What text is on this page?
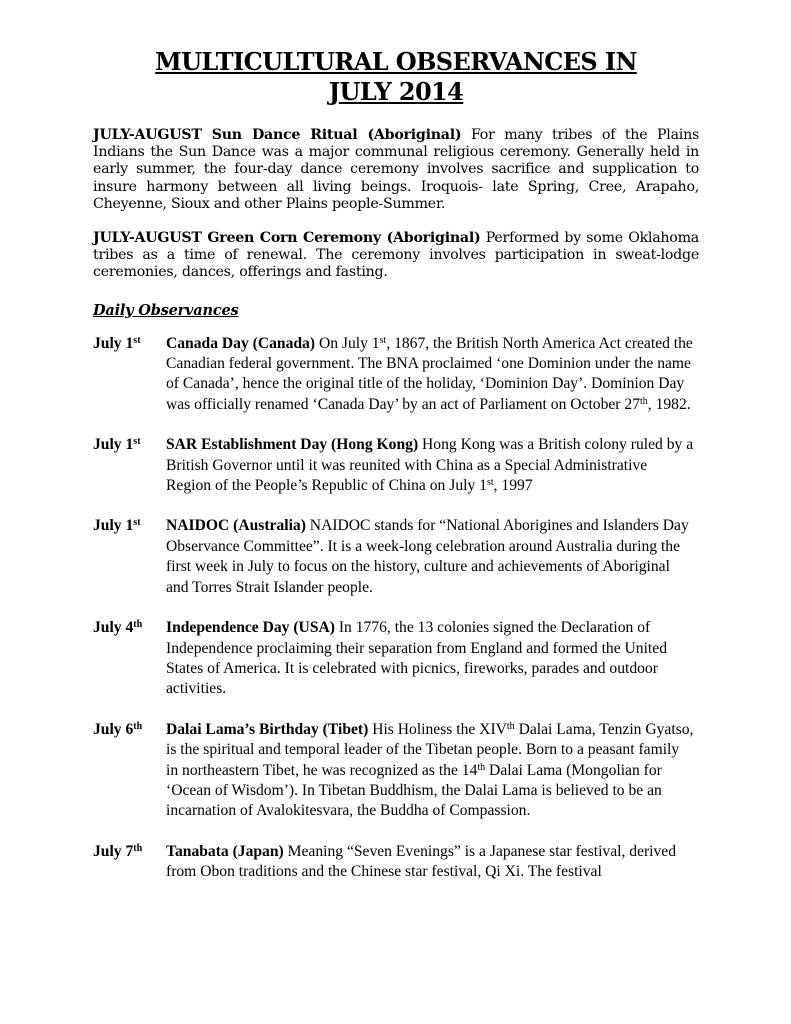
MULTICULTURAL OBSERVANCES IN
JULY 2014

JULY-AUGUST Sun Dance Ritual (Aboriginal) For many tribes of the Plains Indians the Sun Dance was a major communal religious ceremony. Generally held in early summer, the four-day dance ceremony involves sacrifice and supplication to insure harmony between all living beings. Iroquois- late Spring, Cree, Arapaho, Cheyenne, Sioux and other Plains people-Summer.

JULY-AUGUST Green Corn Ceremony (Aboriginal) Performed by some Oklahoma tribes as a time of renewal. The ceremony involves participation in sweat-lodge ceremonies, dances, offerings and fasting.

Daily Observances
July 1st	Canada Day (Canada) On July 1st, 1867, the British North America Act created the Canadian federal government. The BNA proclaimed ‘one Dominion under the name of Canada’, hence the original title of the holiday, ‘Dominion Day’. Dominion Day was officially renamed ‘Canada Day’ by an act of Parliament on October 27th, 1982.
July 1st	SAR Establishment Day (Hong Kong) Hong Kong was a British colony ruled by a British Governor until it was reunited with China as a Special Administrative Region of the People’s Republic of China on July 1st, 1997
July 1st	NAIDOC (Australia) NAIDOC stands for “National Aborigines and Islanders Day Observance Committee”. It is a week-long celebration around Australia during the first week in July to focus on the history, culture and achievements of Aboriginal and Torres Strait Islander people.
July 4th	Independence Day (USA) In 1776, the 13 colonies signed the Declaration of Independence proclaiming their separation from England and formed the United States of America. It is celebrated with picnics, fireworks, parades and outdoor activities.
July 6th	Dalai Lama’s Birthday (Tibet) His Holiness the XIVth Dalai Lama, Tenzin Gyatso, is the spiritual and temporal leader of the Tibetan people. Born to a peasant family in northeastern Tibet, he was recognized as the 14th Dalai Lama (Mongolian for ‘Ocean of Wisdom’). In Tibetan Buddhism, the Dalai Lama is believed to be an incarnation of Avalokitesvara, the Buddha of Compassion.
July 7th	Tanabata (Japan) Meaning “Seven Evenings” is a Japanese star festival, derived from Obon traditions and the Chinese star festival, Qi Xi. The festival
